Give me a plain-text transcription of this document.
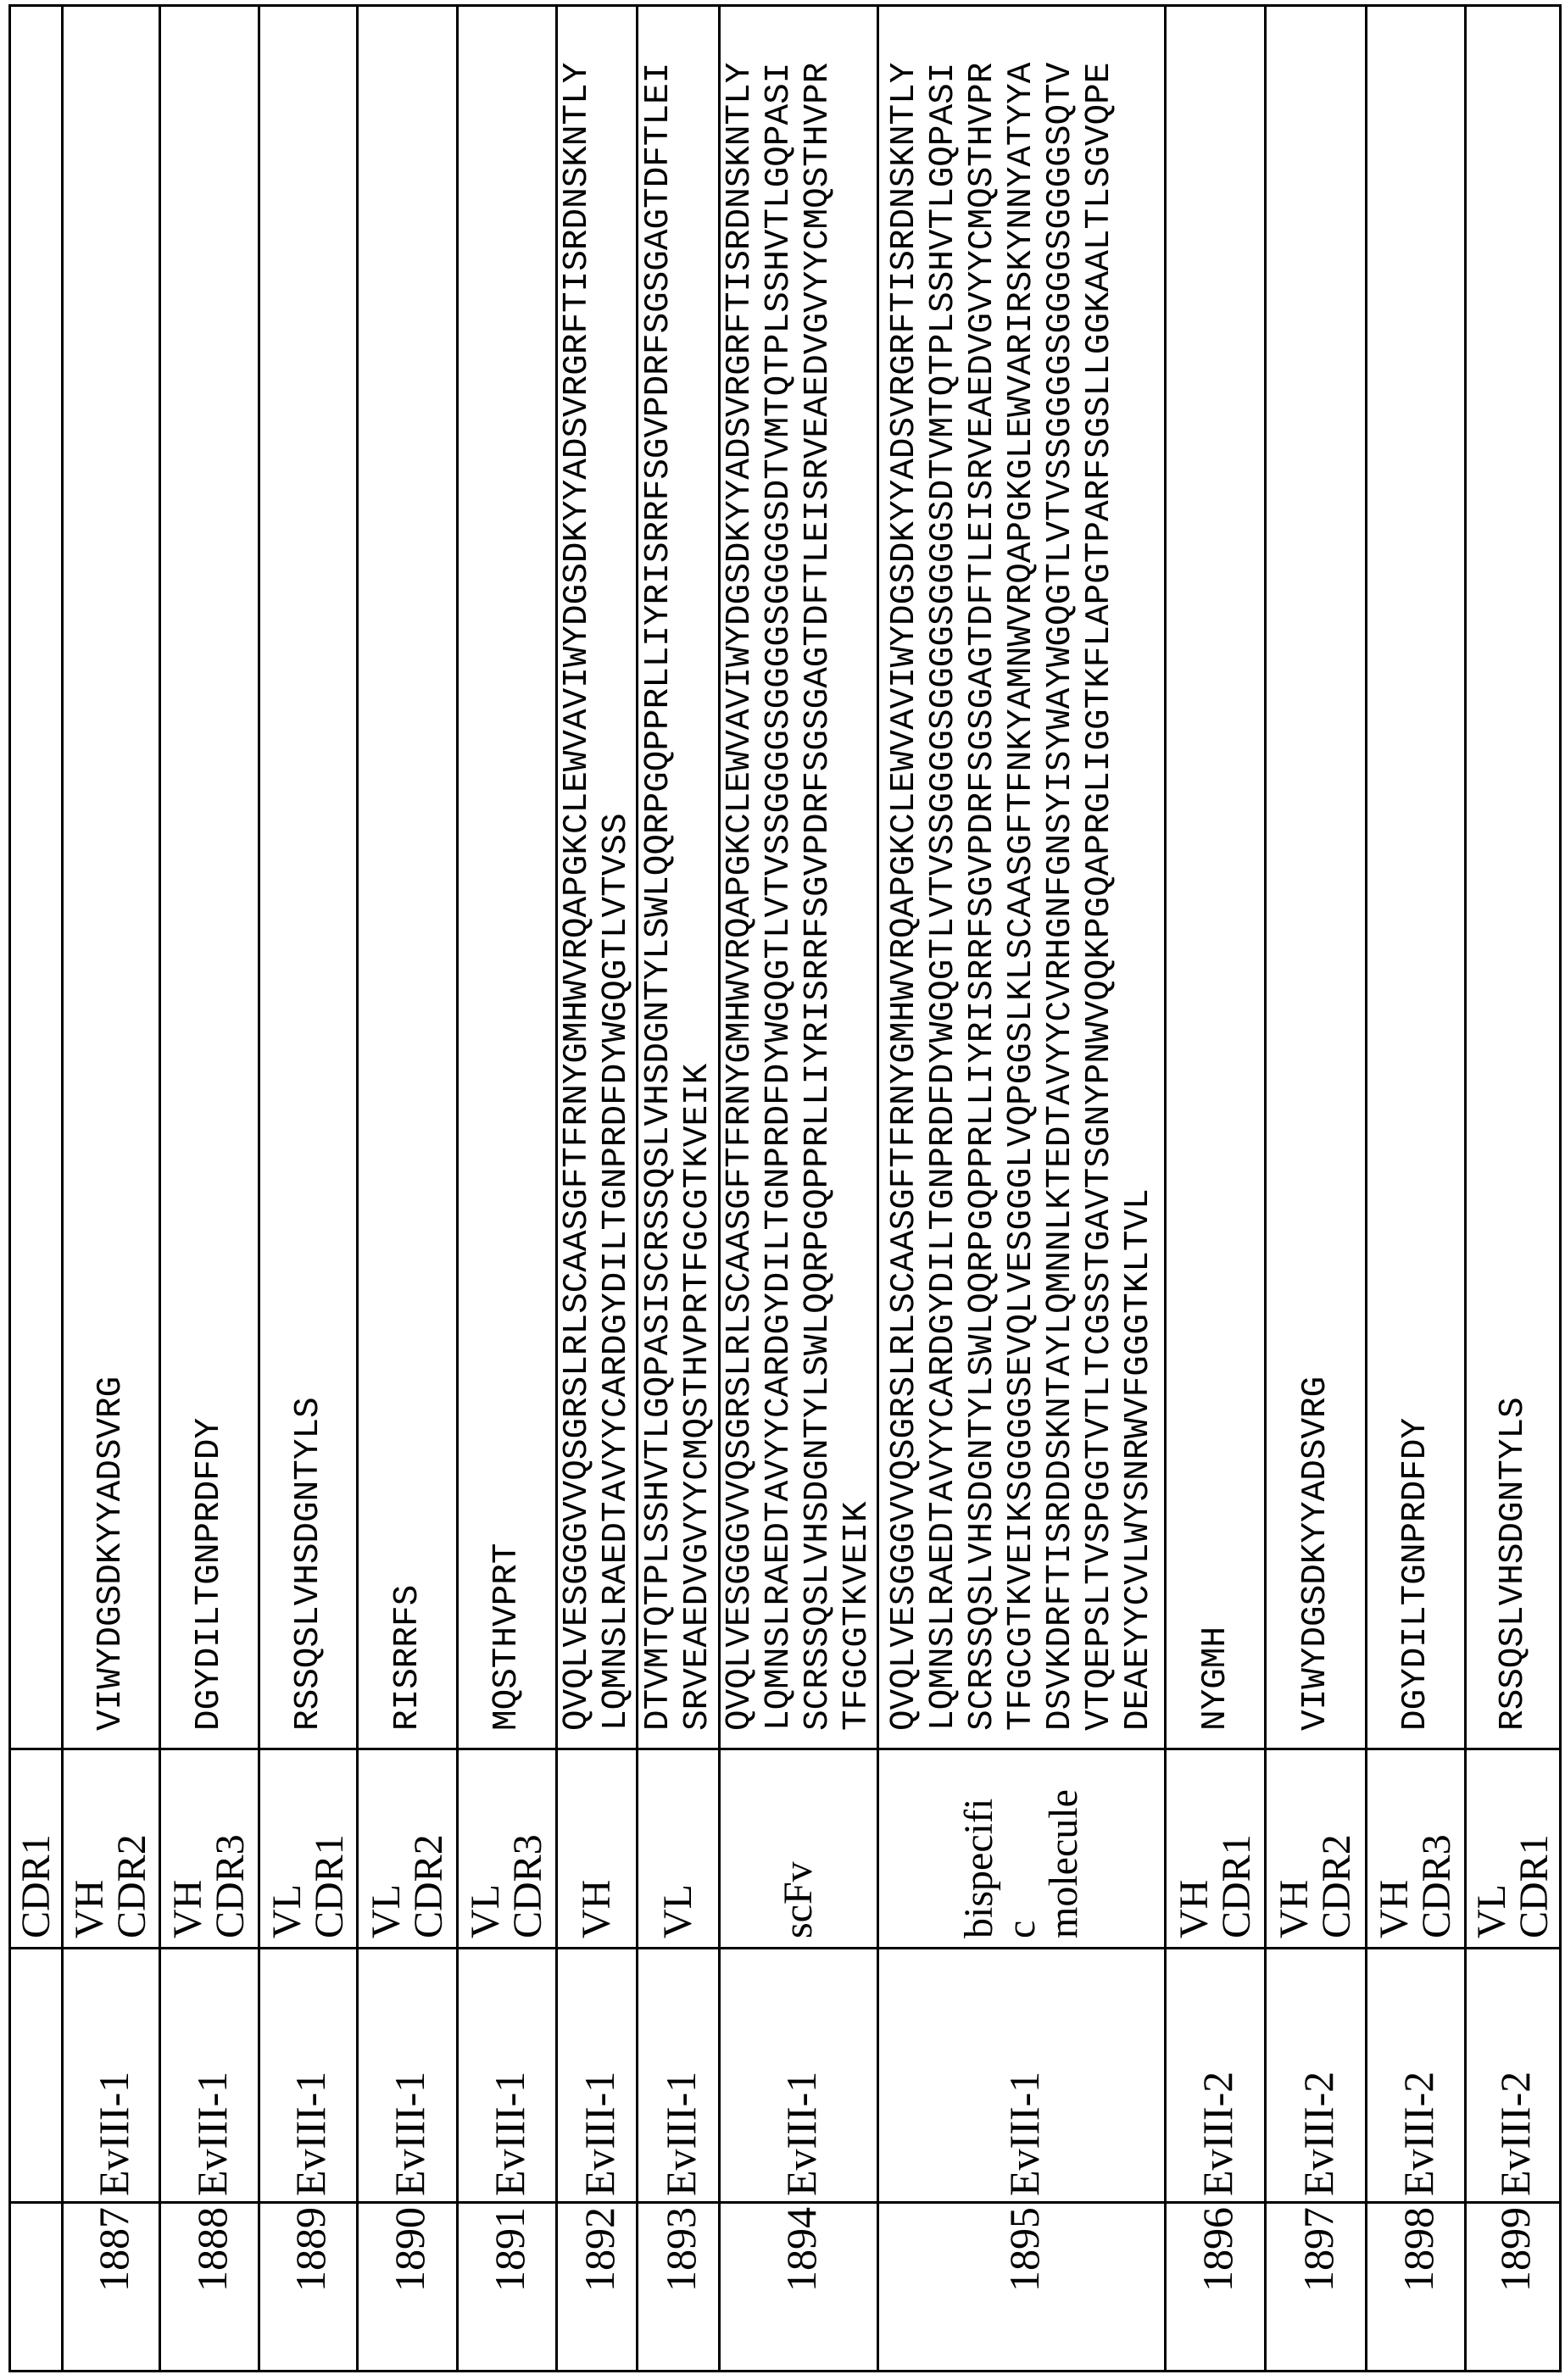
		CDR1	
1887	EvIII-1	VH CDR2	
VIWYDGSDKYYADSVRG

1888	EvIII-1	VH CDR3	
DGYDILTGNPRDFDY

1889	EvIII-1	VL CDR1	
RSSQSLVHSDGNTYLS

1890	EvIII-1	VL CDR2	
RISRRFS

1891	EvIII-1	VL CDR3	
MQSTHVPRT

1892	EvIII-1	VH	
QVQLVESGGGVVQSGRSLRLSCAASGFTFRNYGMHWVRQAPGKCLEWVAVIWYDGSDKYYADSVRGRFTISRDNSKNTLY LQMNSLRAEDTAVYYCARDGYDILTGNPRDFDYWGQGTLVTVSS

1893	EvIII-1	VL	
DTVMTQTPLSSHVTLGQPASISCRSSQSLVHSDGNTYLSWLQQRPGQPPRLLIYRISRRFSGVPDRFSGSGAGTDFTLEI SRVEAEDVGVYYCMQSTHVPRTFGCGTKVEIK

1894	EvIII-1	scFv	
QVQLVESGGGVVQSGRSLRLSCAASGFTFRNYGMHWVRQAPGKCLEWVAVIWYDGSDKYYADSVRGRFTISRDNSKNTLY LQMNSLRAEDTAVYYCARDGYDILTGNPRDFDYWGQGTLVTVSSGGGGSGGGGSGGGGSDTVMTQTPLSSHVTLGQPASI SCRSSQSLVHSDGNTYLSWLQQRPGQPPRLLIYRISRRFSGVPDRFSGSGAGTDFTLEISRVEAEDVGVYYCMQSTHVPR TFGCGTKVEIK

1895	EvIII-1	bispecific molecule	
QVQLVESGGGVVQSGRSLRLSCAASGFTFRNYGMHWVRQAPGKCLEWVAVIWYDGSDKYYADSVRGRFTISRDNSKNTLY LQMNSLRAEDTAVYYCARDGYDILTGNPRDFDYWGQGTLVTVSSGGGGSGGGGSGGGGSDTVMTQTPLSSHVTLGQPASI SCRSSQSLVHSDGNTYLSWLQQRPGQPPRLLIYRISRRFSGVPDRFSGSGAGTDFTLEISRVEAEDVGVYYCMQSTHVPR TFGCGTKVEIKSGGGGSEVQLVESGGGLVQPGGSLKLSCAASGFTFNKYAMNWVRQAPGKGLEWVARIRSKYNNYATYYA DSVKDRFTISRDDSKNTAYLQMNNLKTEDTAVYYCVRHGNFGNSYISYWAYWGQGTLVTVSSGGGGSGGGGSGGGGSQTV VTQEPSLTVSPGGTVTLTCGSSTGAVTSGNYPNWVQQKPGQAPRGLIGGTKFLAPGTPARFSGSLLGGKAALTLSGVQPE DEAEYYCVLWYSNRWVFGGGTKLTVL

1896	EvIII-2	VH CDR1	
NYGMH

1897	EvIII-2	VH CDR2	
VIWYDGSDKYYADSVRG

1898	EvIII-2	VH CDR3	
DGYDILTGNPRDFDY

1899	EvIII-2	VL CDR1	
RSSQSLVHSDGNTYLS
